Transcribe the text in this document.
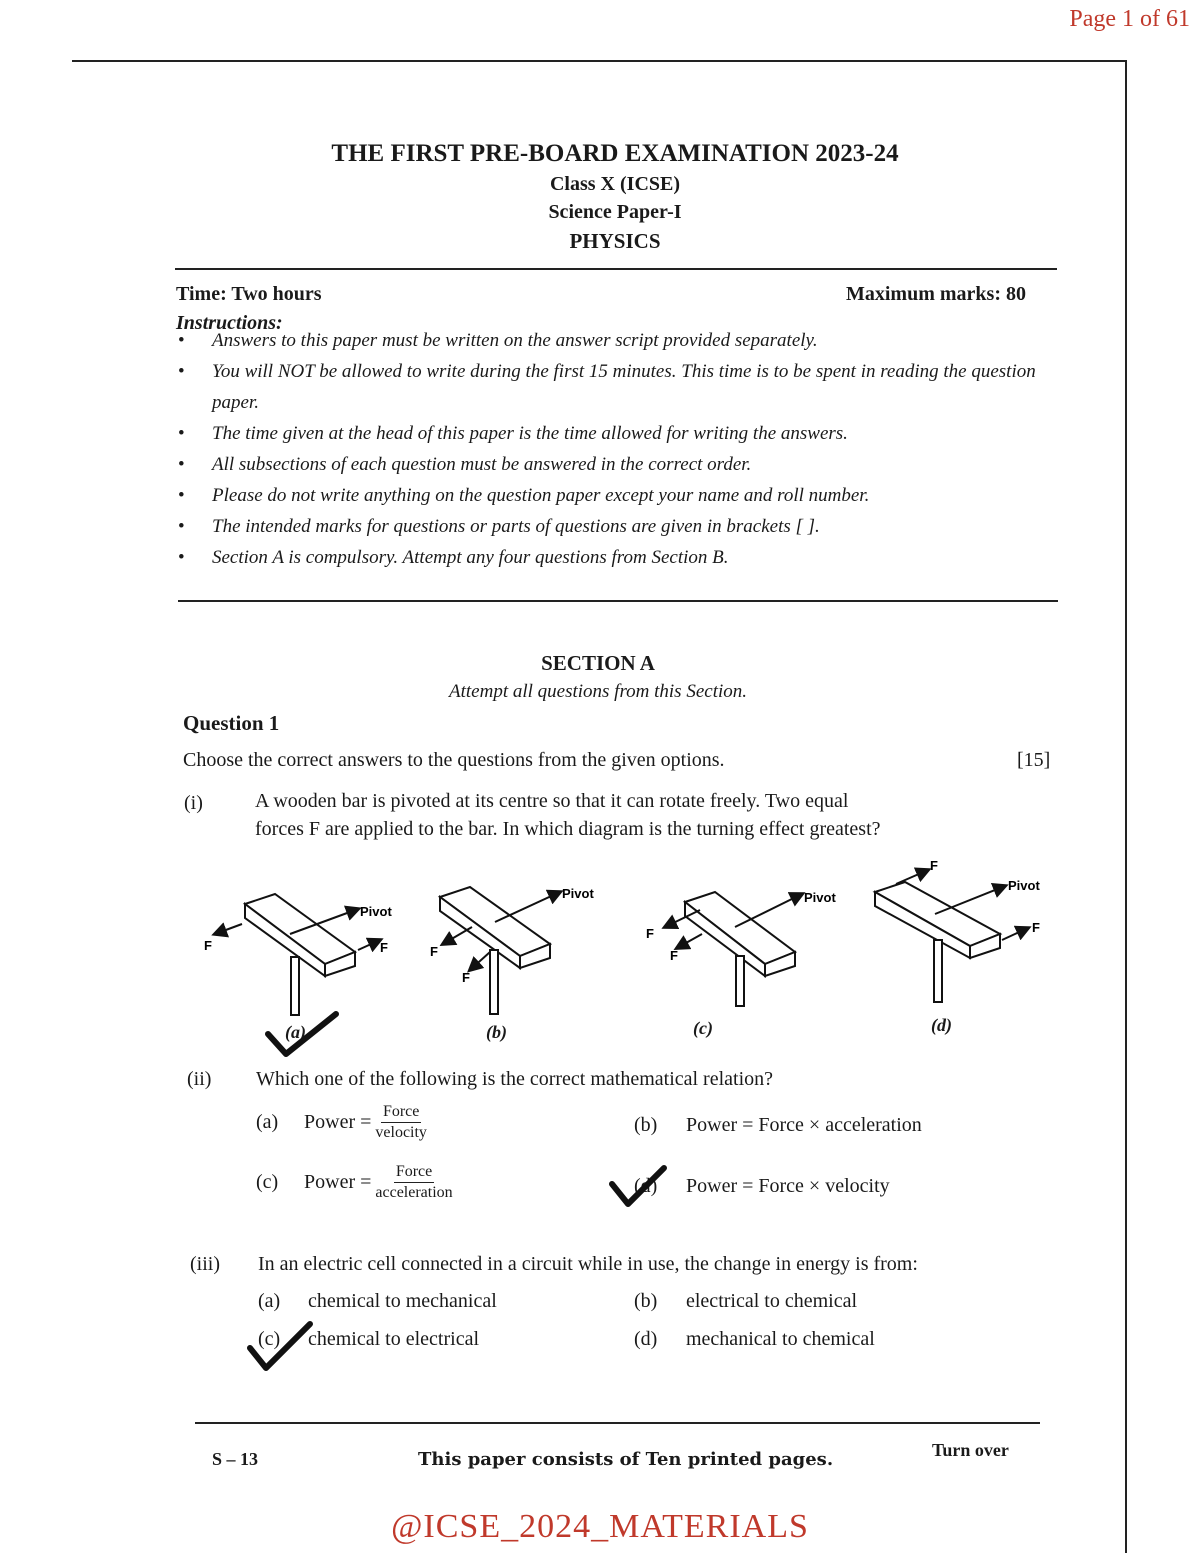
Page 1 of 61
THE FIRST PRE-BOARD EXAMINATION 2023-24
Class X (ICSE)
Science Paper-I
PHYSICS
Time: Two hours	Maximum marks: 80
Instructions:
• Answers to this paper must be written on the answer script provided separately.
• You will NOT be allowed to write during the first 15 minutes. This time is to be spent in reading the question paper.
• The time given at the head of this paper is the time allowed for writing the answers.
• All subsections of each question must be answered in the correct order.
• Please do not write anything on the question paper except your name and roll number.
• The intended marks for questions or parts of questions are given in brackets [ ].
• Section A is compulsory. Attempt any four questions from Section B.
SECTION A
Attempt all questions from this Section.
Question 1
Choose the correct answers to the questions from the given options.	[15]
(i)	A wooden bar is pivoted at its centre so that it can rotate freely. Two equal
forces F are applied to the bar. In which diagram is the turning effect greatest?
Pivot
F	F
Pivot
F
F
Pivot
F
F
Pivot
F
F
(a)	(b)	(c)	(d)
(ii) Which one of the following is the correct mathematical relation?
(a)	Power = $\frac{\text{Force}}{\text{velocity}}$	(b) Power = Force × acceleration
(c)	Power = $\frac{\text{Force}}{\text{acceleration}}$	(d) Power = Force × velocity
(iii) In an electric cell connected in a circuit while in use, the change in energy is from:
(a) chemical to mechanical	(b) electrical to chemical
(c) chemical to electrical	(d) mechanical to chemical
S – 13	This paper consists of Ten printed pages.	Turn over
@ICSE_2024_MATERIALS
